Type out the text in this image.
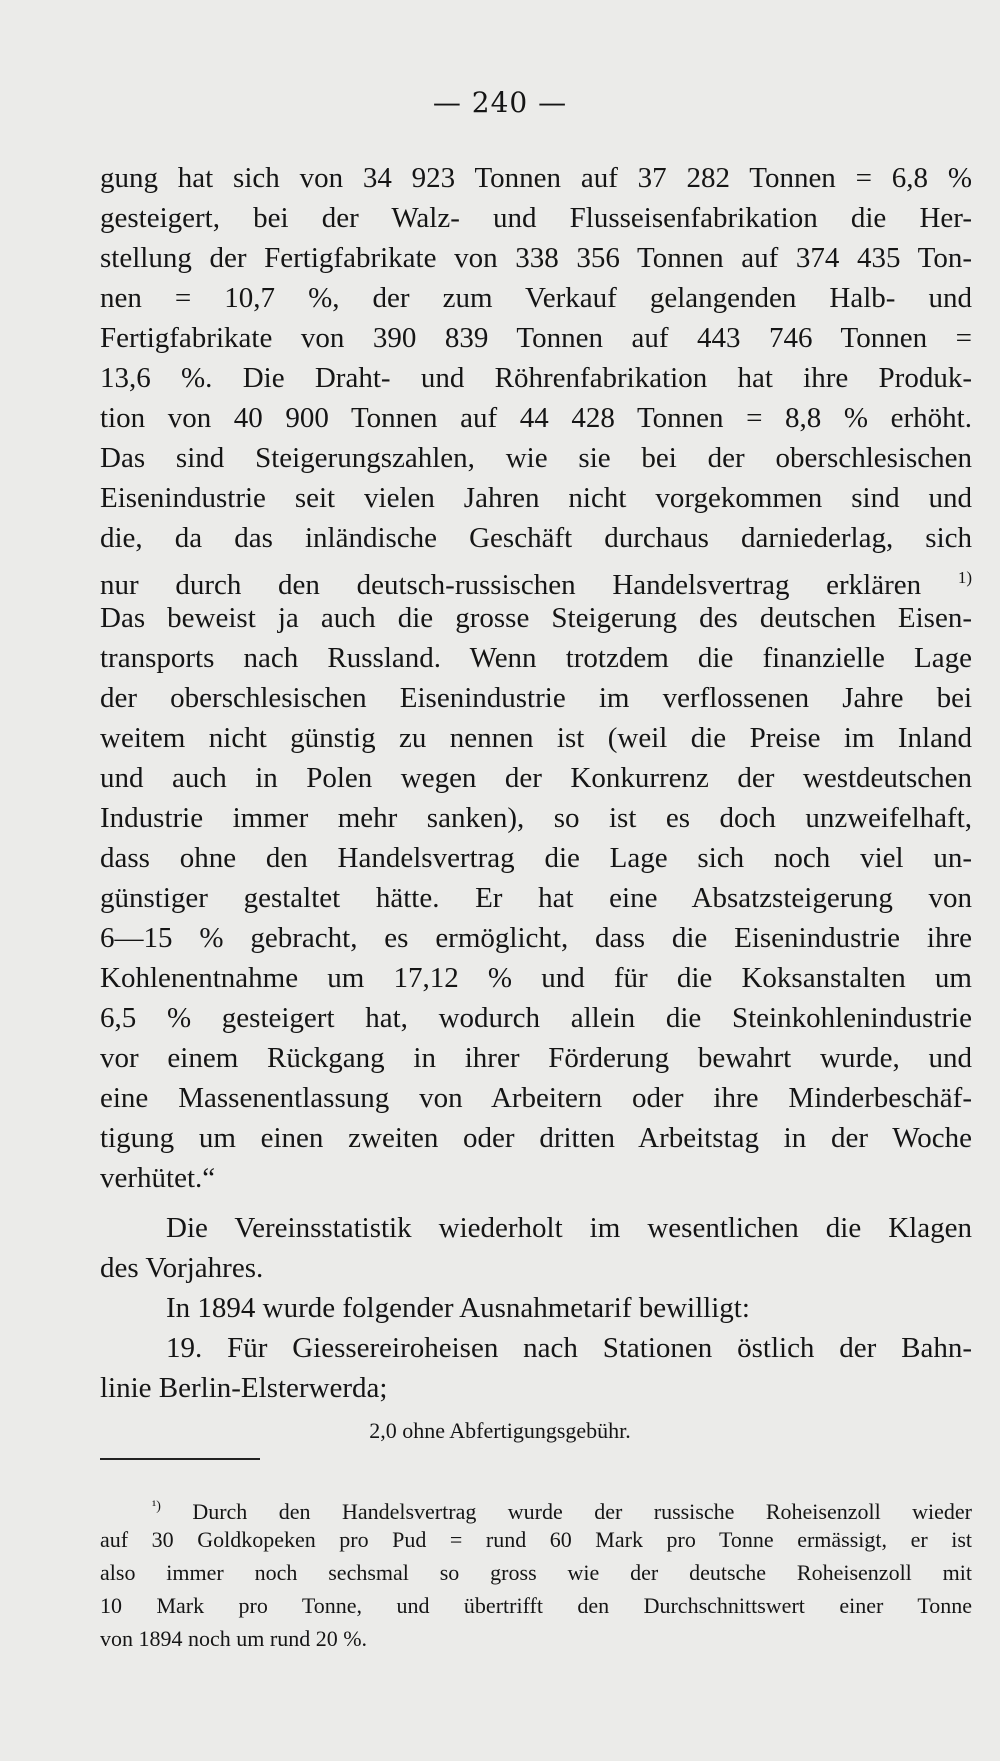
— 240 —
gung hat sich von 34 923 Tonnen auf 37 282 Tonnen = 6,8 %
gesteigert, bei der Walz- und Flusseisenfabrikation die Her-
stellung der Fertigfabrikate von 338 356 Tonnen auf 374 435 Ton-
nen = 10,7 %, der zum Verkauf gelangenden Halb- und
Fertigfabrikate von 390 839 Tonnen auf 443 746 Tonnen =
13,6 %. Die Draht- und Röhrenfabrikation hat ihre Produk-
tion von 40 900 Tonnen auf 44 428 Tonnen = 8,8 % erhöht.
Das sind Steigerungszahlen, wie sie bei der oberschlesischen
Eisenindustrie seit vielen Jahren nicht vorgekommen sind und
die, da das inländische Geschäft durchaus darniederlag, sich
nur durch den deutsch-russischen Handelsvertrag erklären $^{1)}$
Das beweist ja auch die grosse Steigerung des deutschen Eisen-
transports nach Russland. Wenn trotzdem die finanzielle Lage
der oberschlesischen Eisenindustrie im verflossenen Jahre bei
weitem nicht günstig zu nennen ist (weil die Preise im Inland
und auch in Polen wegen der Konkurrenz der westdeutschen
Industrie immer mehr sanken), so ist es doch unzweifelhaft,
dass ohne den Handelsvertrag die Lage sich noch viel un-
günstiger gestaltet hätte. Er hat eine Absatzsteigerung von
6—15 % gebracht, es ermöglicht, dass die Eisenindustrie ihre
Kohlenentnahme um 17,12 % und für die Koksanstalten um
6,5 % gesteigert hat, wodurch allein die Steinkohlenindustrie
vor einem Rückgang in ihrer Förderung bewahrt wurde, und
eine Massenentlassung von Arbeitern oder ihre Minderbeschäf-
tigung um einen zweiten oder dritten Arbeitstag in der Woche
verhütet.“
Die Vereinsstatistik wiederholt im wesentlichen die Klagen
des Vorjahres.
In 1894 wurde folgender Ausnahmetarif bewilligt:
19. Für Giessereiroheisen nach Stationen östlich der Bahn-
linie Berlin-Elsterwerda;
2,0 ohne Abfertigungsgebühr.
$^{^1)}$ Durch den Handelsvertrag wurde der russische Roheisenzoll wieder
auf 30 Goldkopeken pro Pud = rund 60 Mark pro Tonne ermässigt, er ist
also immer noch sechsmal so gross wie der deutsche Roheisenzoll mit
10 Mark pro Tonne, und übertrifft den Durchschnittswert einer Tonne
von 1894 noch um rund 20 %.
